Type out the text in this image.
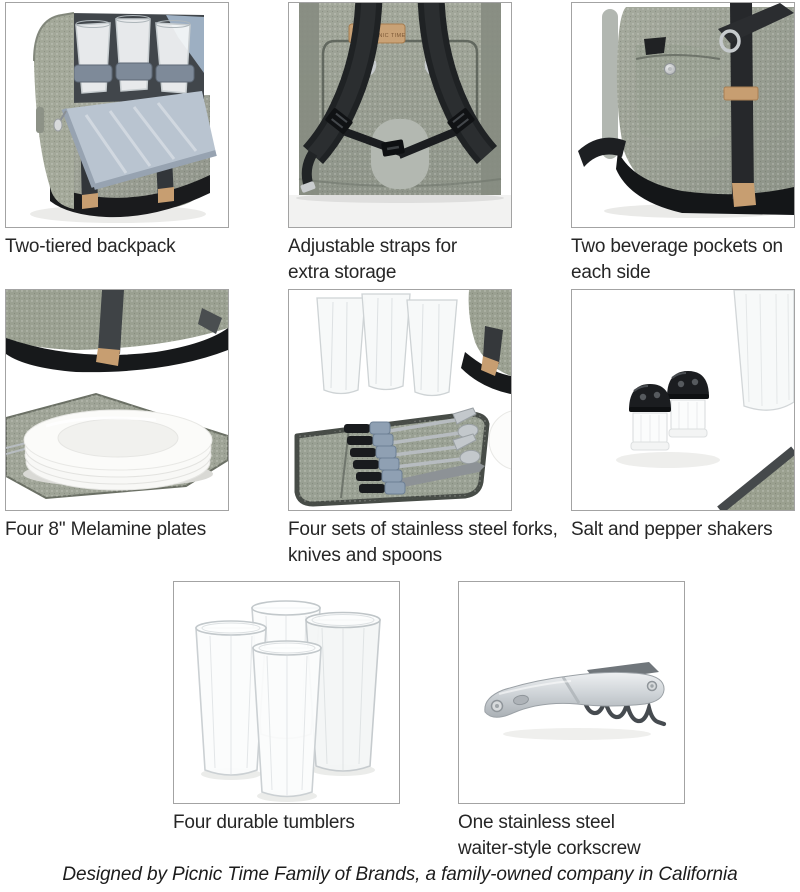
Two-tiered backpack
PICNIC TIME
Adjustable straps for
extra storage
Two beverage pockets on
each side
Four 8'' Melamine plates	Four sets of stainless steel forks,
knives and spoons
Salt and pepper shakers
Four durable tumblers	One stainless steel
waiter-style corkscrew
Designed by Picnic Time Family of Brands, a family-owned company in California
